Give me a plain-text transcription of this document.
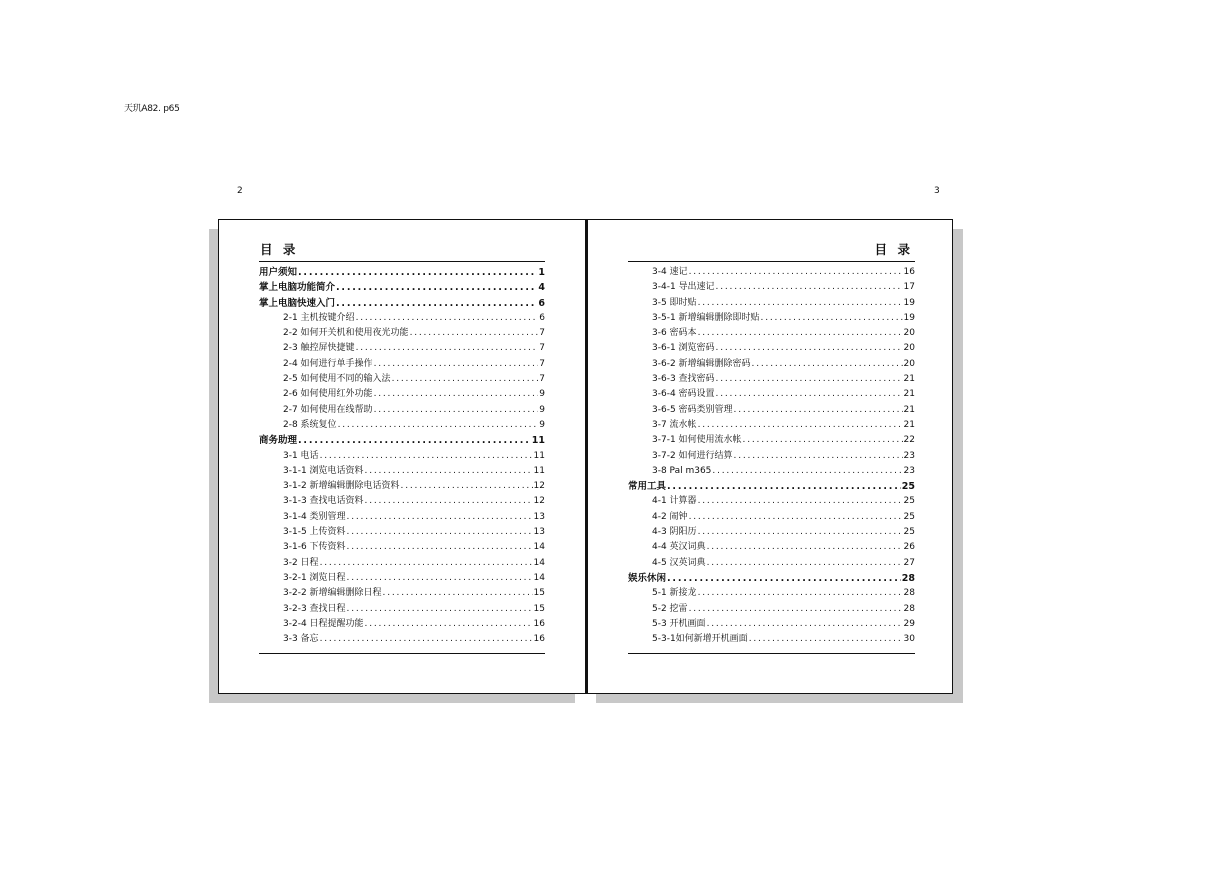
天玑A82. p65
2	3
目 录
用户须知 .....	1
掌上电脑功能简介 .....	4
掌上电脑快速入门 .....	6
2-1 主机按键介绍 .....	6
2-2 如何开关机和使用夜光功能 .....	7
2-3 触控屏快捷键 .....	7
2-4 如何进行单手操作 .....	7
2-5 如何使用不同的输入法 .....	7
2-6 如何使用红外功能 .....	9
2-7 如何使用在线帮助 .....	9
2-8 系统复位 .....	9
商务助理 .....	11
3-1 电话 .....	11
3-1-1 浏览电话资料 .....	11
3-1-2 新增编辑删除电话资料 .....	12
3-1-3 查找电话资料 .....	12
3-1-4 类别管理 .....	13
3-1-5 上传资料 .....	13
3-1-6 下传资料 .....	14
3-2 日程 .....	14
3-2-1 浏览日程 .....	14
3-2-2 新增编辑删除日程 .....	15
3-2-3 查找日程 .....	15
3-2-4 日程提醒功能 .....	16
3-3 备忘 .....	16
目 录
3-4 速记 .....	16
3-4-1 导出速记 .....	17
3-5 即时贴 .....	19
3-5-1 新增编辑删除即时贴 .....	19
3-6 密码本 .....	20
3-6-1 浏览密码 .....	20
3-6-2 新增编辑删除密码 .....	20
3-6-3 查找密码 .....	21
3-6-4 密码设置 .....	21
3-6-5 密码类别管理 .....	21
3-7 流水帐 .....	21
3-7-1 如何使用流水帐 .....	22
3-7-2 如何进行结算 .....	23
3-8 Pal m365 .....	23
常用工具 .....	25
4-1 计算器 .....	25
4-2 闹钟 .....	25
4-3 阴阳历 .....	25
4-4 英汉词典 .....	26
4-5 汉英词典 .....	27
娱乐休闲 .....	28
5-1 新接龙 .....	28
5-2 挖雷 .....	28
5-3 开机画面 .....	29
5-3-1如何新增开机画面 .....	30
